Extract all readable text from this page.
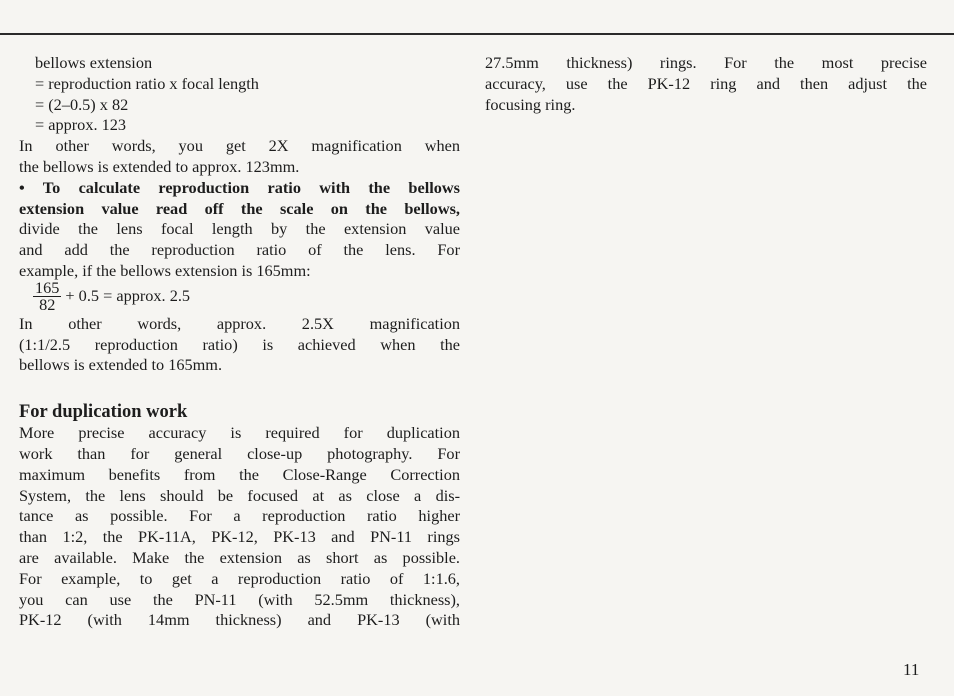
bellows extension

= reproduction ratio x focal length

= (2–0.5) x 82

= approx. 123

In other words, you get 2X magnification when

the bellows is extended to approx. 123mm.

• To calculate reproduction ratio with the bellows

extension value read off the scale on the bellows,

divide the lens focal length by the extension value

and add the reproduction ratio of the lens. For

example, if the bellows extension is 165mm:

$\frac{165}{82} + 0.5$ = approx. 2.5

In other words, approx. 2.5X magnification

(1:1/2.5 reproduction ratio) is achieved when the

bellows is extended to 165mm.

For duplication work

More precise accuracy is required for duplication

work than for general close-up photography. For

maximum benefits from the Close-Range Correction

System, the lens should be focused at as close a dis-

tance as possible. For a reproduction ratio higher

than 1:2, the PK-11A, PK-12, PK-13 and PN-11 rings

are available. Make the extension as short as possible.

For example, to get a reproduction ratio of 1:1.6,

you can use the PN-11 (with 52.5mm thickness),

PK-12 (with 14mm thickness) and PK-13 (with

27.5mm thickness) rings. For the most precise

accuracy, use the PK-12 ring and then adjust the

focusing ring.

11
